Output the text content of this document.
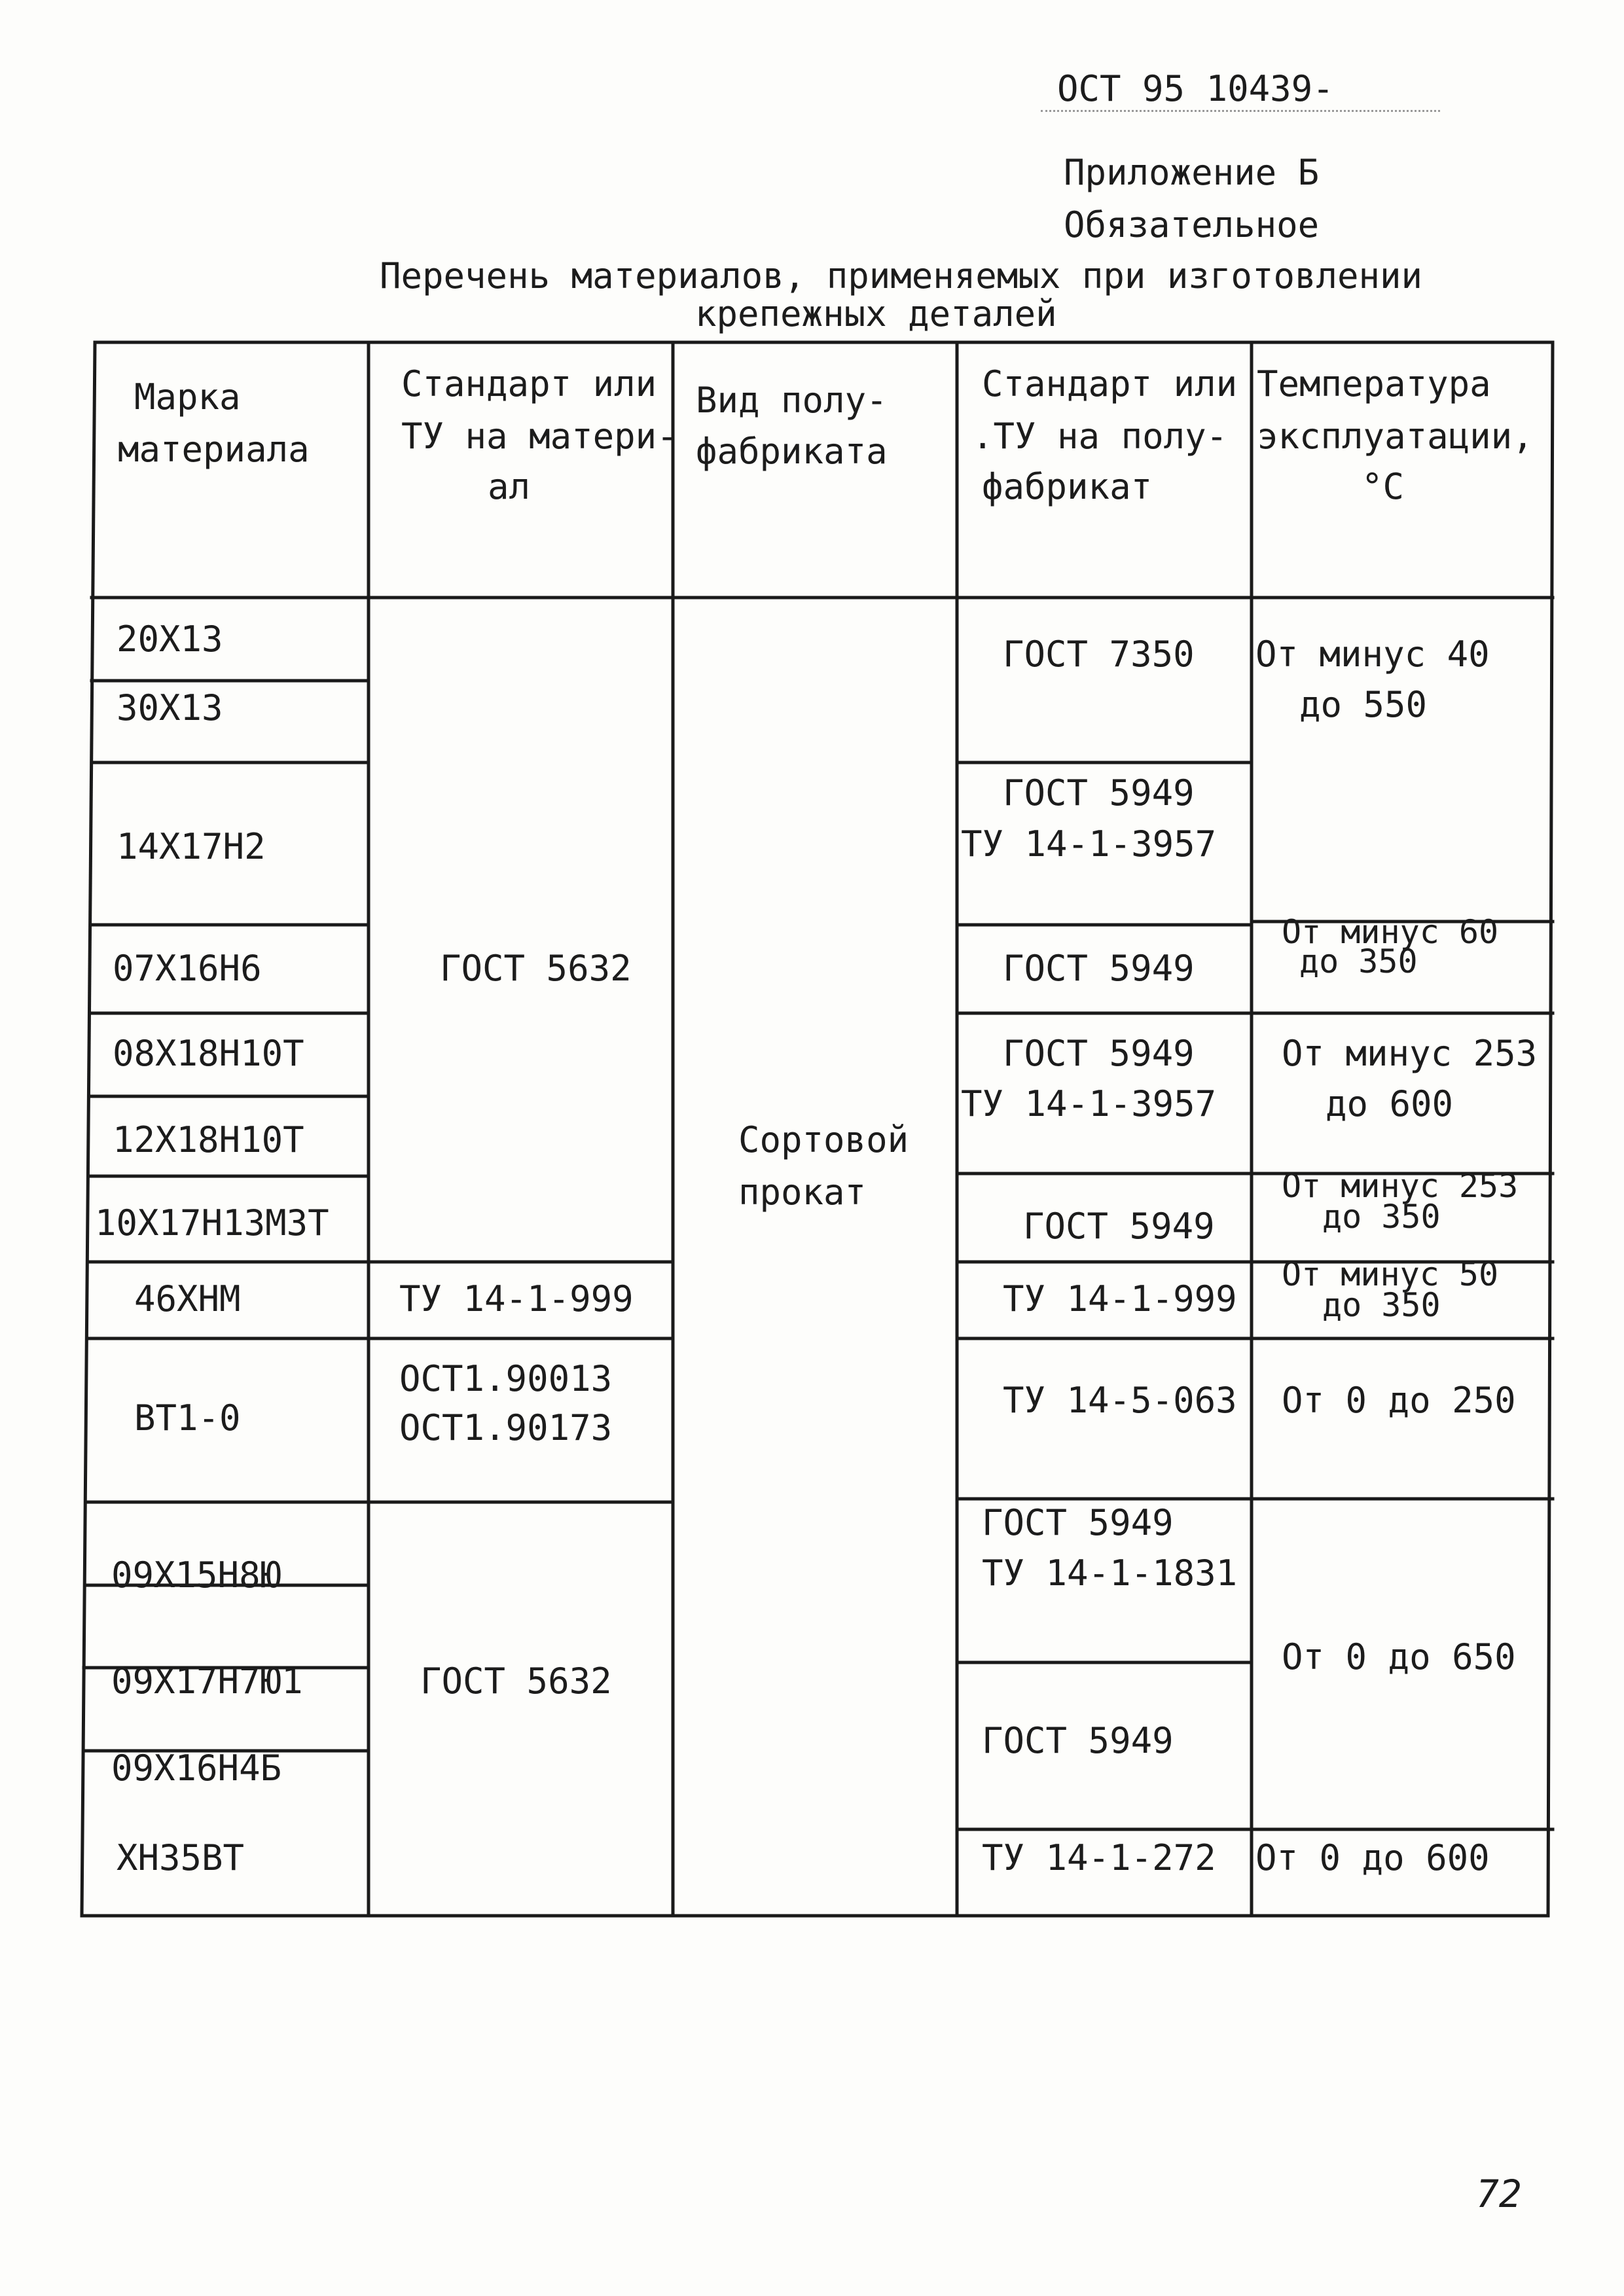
ОСТ 95 10439-
Приложение Б
Обязательное
Перечень материалов, применяемых при изготовлении
крепежных деталей
Марка
материала
Стандарт или
ТУ на матери-
ал
Вид полу-
фабриката
Стандарт или
.ТУ на полу-
фабрикат
Температура
эксплуатации,
°С
20Х13
30Х13
14Х17Н2
07Х16Н6
08Х18Н10Т
12Х18Н10Т
10Х17Н13М3Т
46ХНМ
ВТ1-0
09Х15Н8Ю
09Х17Н7Ю1
09Х16Н4Б
ХН35ВТ
ГОСТ 5632
ТУ 14-1-999
ОСТ1.90013
ОСТ1.90173
ГОСТ 5632
Сортовой
прокат
ГОСТ 7350
ГОСТ 5949
ТУ 14-1-3957
ГОСТ 5949
ГОСТ 5949
ТУ 14-1-3957
ГОСТ 5949
ТУ 14-1-999
ТУ 14-5-063
ГОСТ 5949
ТУ 14-1-1831
ГОСТ 5949
ТУ 14-1-272
От минус 40
до 550
От минус 60
до 350
От минус 253
до 600
От минус 253
до 350
От минус 50
до 350
От 0 до 250
От 0 до 650
От 0 до 600
72
